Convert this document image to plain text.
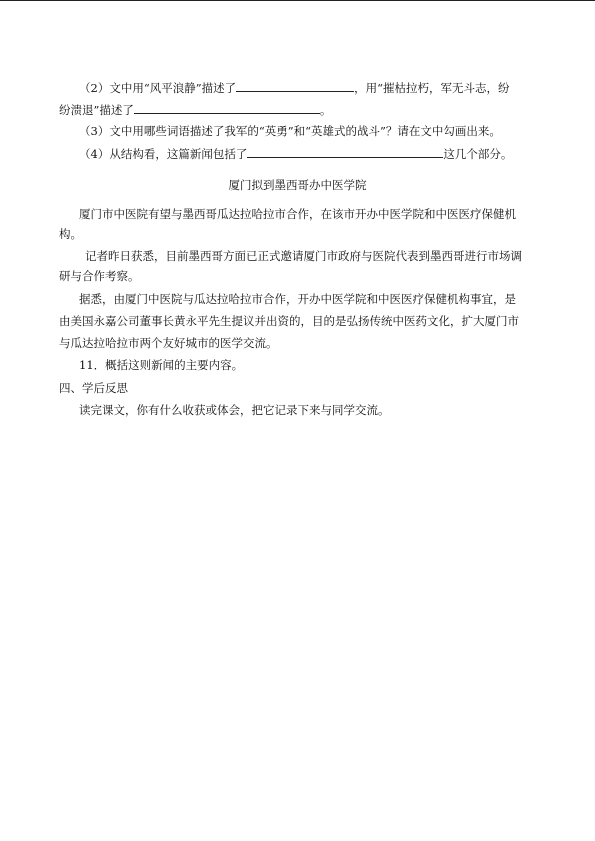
（2）文中用“风平浪静”描述了	，用“摧枯拉朽，军无斗志，纷
纷溃退”描述了	。
（3）文中用哪些词语描述了我军的“英勇”和“英雄式的战斗”？请在文中勾画出来。
（4）从结构看，这篇新闻包括了	这几个部分。
厦门拟到墨西哥办中医学院
厦门市中医院有望与墨西哥瓜达拉哈拉市合作，在该市开办中医学院和中医医疗保健机
构。
记者昨日获悉，目前墨西哥方面已正式邀请厦门市政府与医院代表到墨西哥进行市场调
研与合作考察。
据悉，由厦门中医院与瓜达拉哈拉市合作，开办中医学院和中医医疗保健机构事宜，是
由美国永嘉公司董事长黄永平先生提议并出资的，目的是弘扬传统中医药文化，扩大厦门市
与瓜达拉哈拉市两个友好城市的医学交流。
11．概括这则新闻的主要内容。
四、学后反思
读完课文，你有什么收获或体会，把它记录下来与同学交流。
